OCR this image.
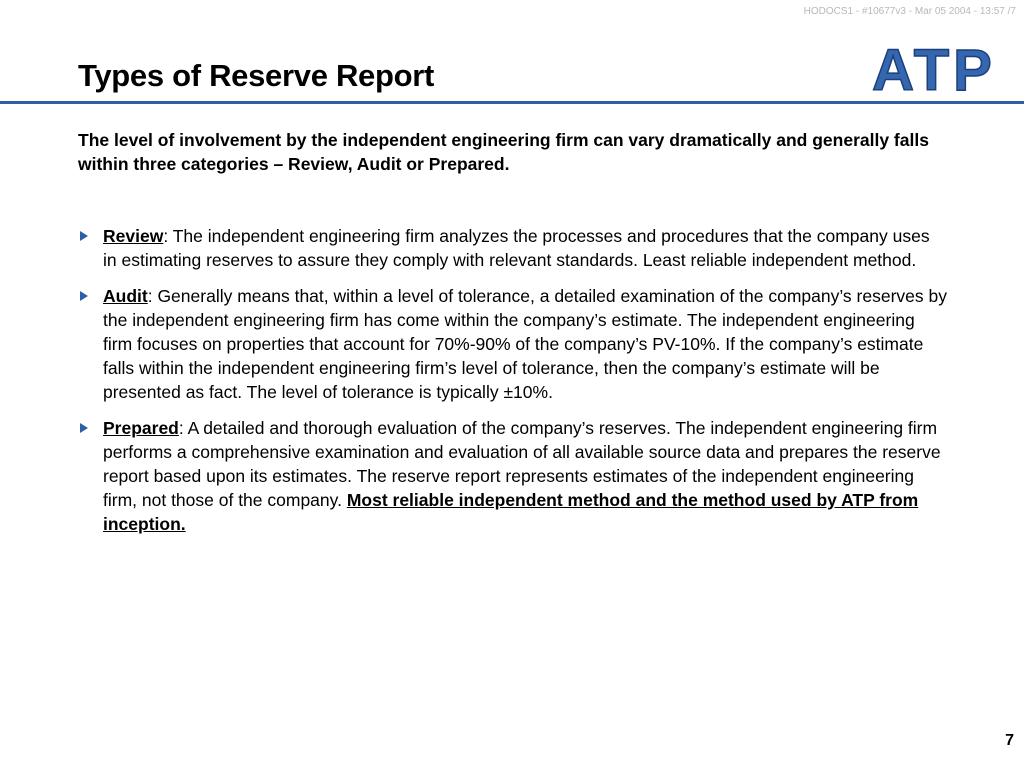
HODOCS1 - #10677v3 - Mar 05 2004 - 13:57 /7
Types of Reserve Report	ATP

The level of involvement by the independent engineering firm can vary dramatically and generally falls within three categories – Review, Audit or Prepared.

Review: The independent engineering firm analyzes the processes and procedures that the company uses in estimating reserves to assure they comply with relevant standards. Least reliable independent method.
Audit: Generally means that, within a level of tolerance, a detailed examination of the company’s reserves by the independent engineering firm has come within the company’s estimate. The independent engineering firm focuses on properties that account for 70%-90% of the company’s PV-10%. If the company’s estimate falls within the independent engineering firm’s level of tolerance, then the company’s estimate will be presented as fact. The level of tolerance is typically ±10%.
Prepared: A detailed and thorough evaluation of the company’s reserves. The independent engineering firm performs a comprehensive examination and evaluation of all available source data and prepares the reserve report based upon its estimates. The reserve report represents estimates of the independent engineering firm, not those of the company. Most reliable independent method and the method used by ATP from inception.
7
